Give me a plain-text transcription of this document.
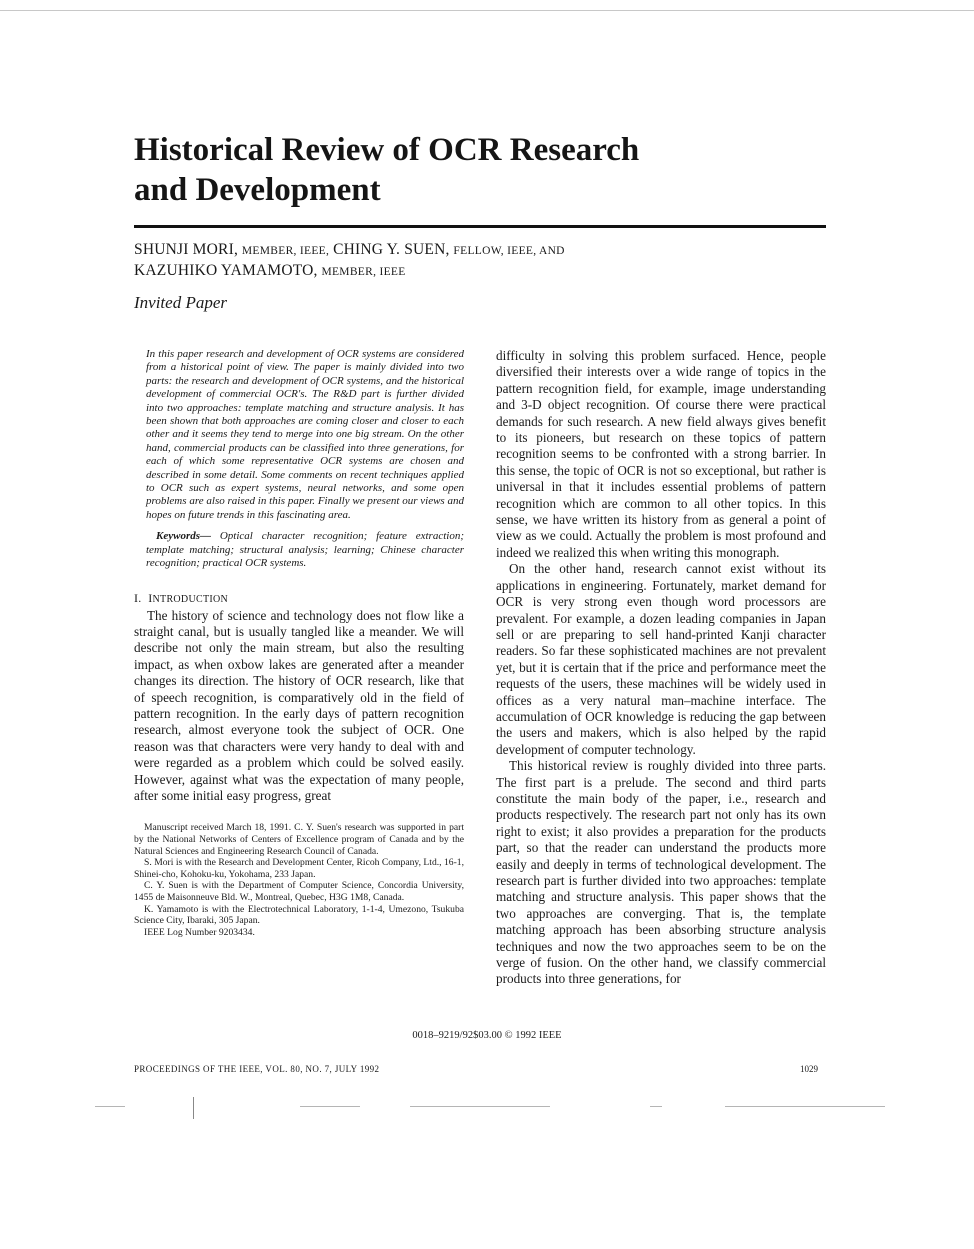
Historical Review of OCR Research
and Development
SHUNJI MORI, MEMBER, IEEE, CHING Y. SUEN, FELLOW, IEEE, AND
KAZUHIKO YAMAMOTO, MEMBER, IEEE
Invited Paper

In this paper research and development of OCR systems are considered from a historical point of view. The paper is mainly divided into two parts: the research and development of OCR systems, and the historical development of commercial OCR's. The R&D part is further divided into two approaches: template matching and structure analysis. It has been shown that both approaches are coming closer and closer to each other and it seems they tend to merge into one big stream. On the other hand, commercial products can be classified into three generations, for each of which some representative OCR systems are chosen and described in some detail. Some comments on recent techniques applied to OCR such as expert systems, neural networks, and some open problems are also raised in this paper. Finally we present our views and hopes on future trends in this fascinating area.

Keywords— Optical character recognition; feature extraction; template matching; structural analysis; learning; Chinese character recognition; practical OCR systems.

I. INTRODUCTION

The history of science and technology does not flow like a straight canal, but is usually tangled like a meander. We will describe not only the main stream, but also the resulting impact, as when oxbow lakes are generated after a meander changes its direction. The history of OCR research, like that of speech recognition, is comparatively old in the field of pattern recognition. In the early days of pattern recognition research, almost everyone took the subject of OCR. One reason was that characters were very handy to deal with and were regarded as a problem which could be solved easily. However, against what was the expectation of many people, after some initial easy progress, great

Manuscript received March 18, 1991. C. Y. Suen's research was supported in part by the National Networks of Centers of Excellence program of Canada and by the Natural Sciences and Engineering Research Council of Canada.

S. Mori is with the Research and Development Center, Ricoh Company, Ltd., 16-1, Shinei-cho, Kohoku-ku, Yokohama, 233 Japan.

C. Y. Suen is with the Department of Computer Science, Concordia University, 1455 de Maisonneuve Bld. W., Montreal, Quebec, H3G 1M8, Canada.

K. Yamamoto is with the Electrotechnical Laboratory, 1-1-4, Umezono, Tsukuba Science City, Ibaraki, 305 Japan.

IEEE Log Number 9203434.

difficulty in solving this problem surfaced. Hence, people diversified their interests over a wide range of topics in the pattern recognition field, for example, image understanding and 3-D object recognition. Of course there were practical demands for such research. A new field always gives benefit to its pioneers, but research on these topics of pattern recognition seems to be confronted with a strong barrier. In this sense, the topic of OCR is not so exceptional, but rather is universal in that it includes essential problems of pattern recognition which are common to all other topics. In this sense, we have written its history from as general a point of view as we could. Actually the problem is most profound and indeed we realized this when writing this monograph.

On the other hand, research cannot exist without its applications in engineering. Fortunately, market demand for OCR is very strong even though word processors are prevalent. For example, a dozen leading companies in Japan sell or are preparing to sell hand-printed Kanji character readers. So far these sophisticated machines are not prevalent yet, but it is certain that if the price and performance meet the requests of the users, these machines will be widely used in offices as a very natural man–machine interface. The accumulation of OCR knowledge is reducing the gap between the users and makers, which is also helped by the rapid development of computer technology.

This historical review is roughly divided into three parts. The first part is a prelude. The second and third parts constitute the main body of the paper, i.e., research and products respectively. The research part not only has its own right to exist; it also provides a preparation for the products part, so that the reader can understand the products more easily and deeply in terms of technological development. The research part is further divided into two approaches: template matching and structure analysis. This paper shows that the two approaches are converging. That is, the template matching approach has been absorbing structure analysis techniques and now the two approaches seem to be on the verge of fusion. On the other hand, we classify commercial products into three generations, for

0018–9219/92$03.00 © 1992 IEEE
PROCEEDINGS OF THE IEEE, VOL. 80, NO. 7, JULY 1992	1029
